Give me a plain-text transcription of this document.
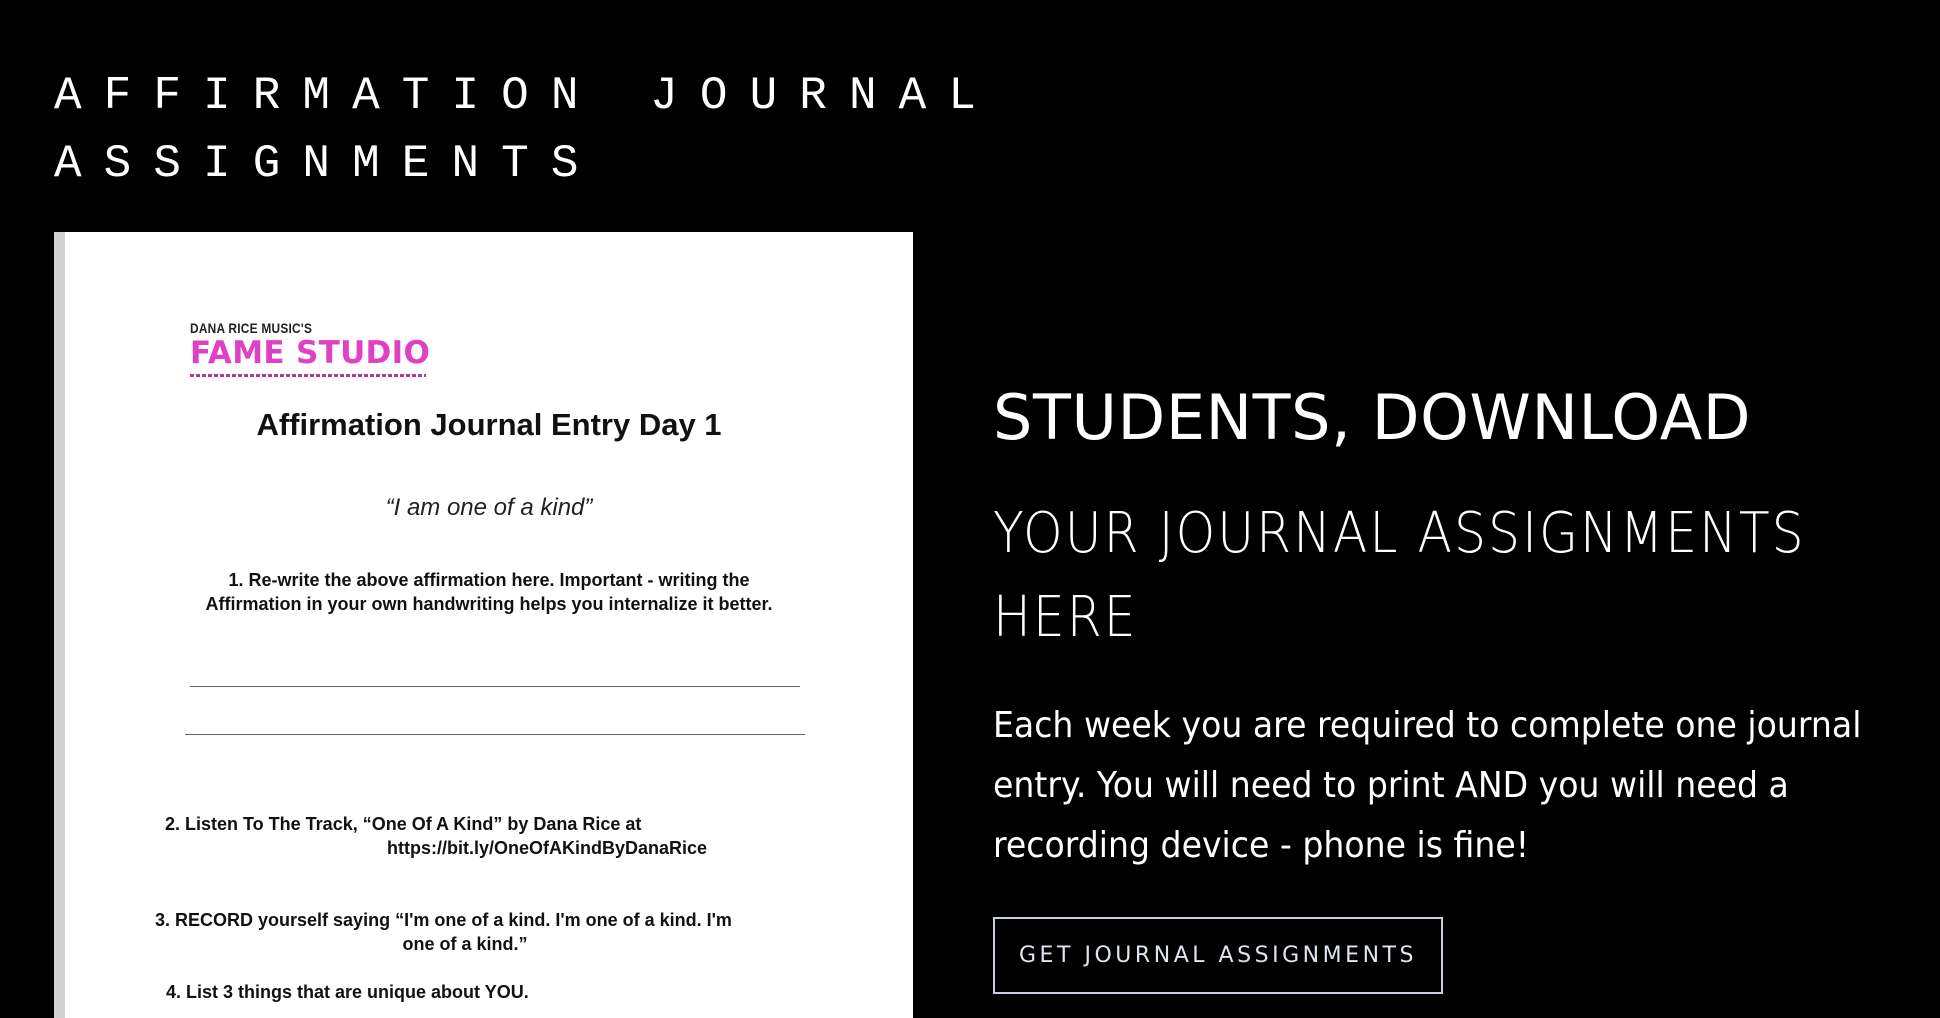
AFFIRMATION JOURNAL ASSIGNMENTS
DANA RICE MUSIC'S
FAME STUDIO
Affirmation Journal Entry Day 1
“I am one of a kind”
1. Re-write the above affirmation here. Important - writing the
Affirmation in your own handwriting helps you internalize it better.
2. Listen To The Track, “One Of A Kind” by Dana Rice at
https://bit.ly/OneOfAKindByDanaRice
3. RECORD yourself saying “I'm one of a kind. I'm one of a kind. I'm
one of a kind.”
4. List 3 things that are unique about YOU.
STUDENTS, DOWNLOAD
YOUR JOURNAL ASSIGNMENTS HERE

Each week you are required to complete one journal entry. You will need to print AND you will need a recording device - phone is fine!

GET JOURNAL ASSIGNMENTS
